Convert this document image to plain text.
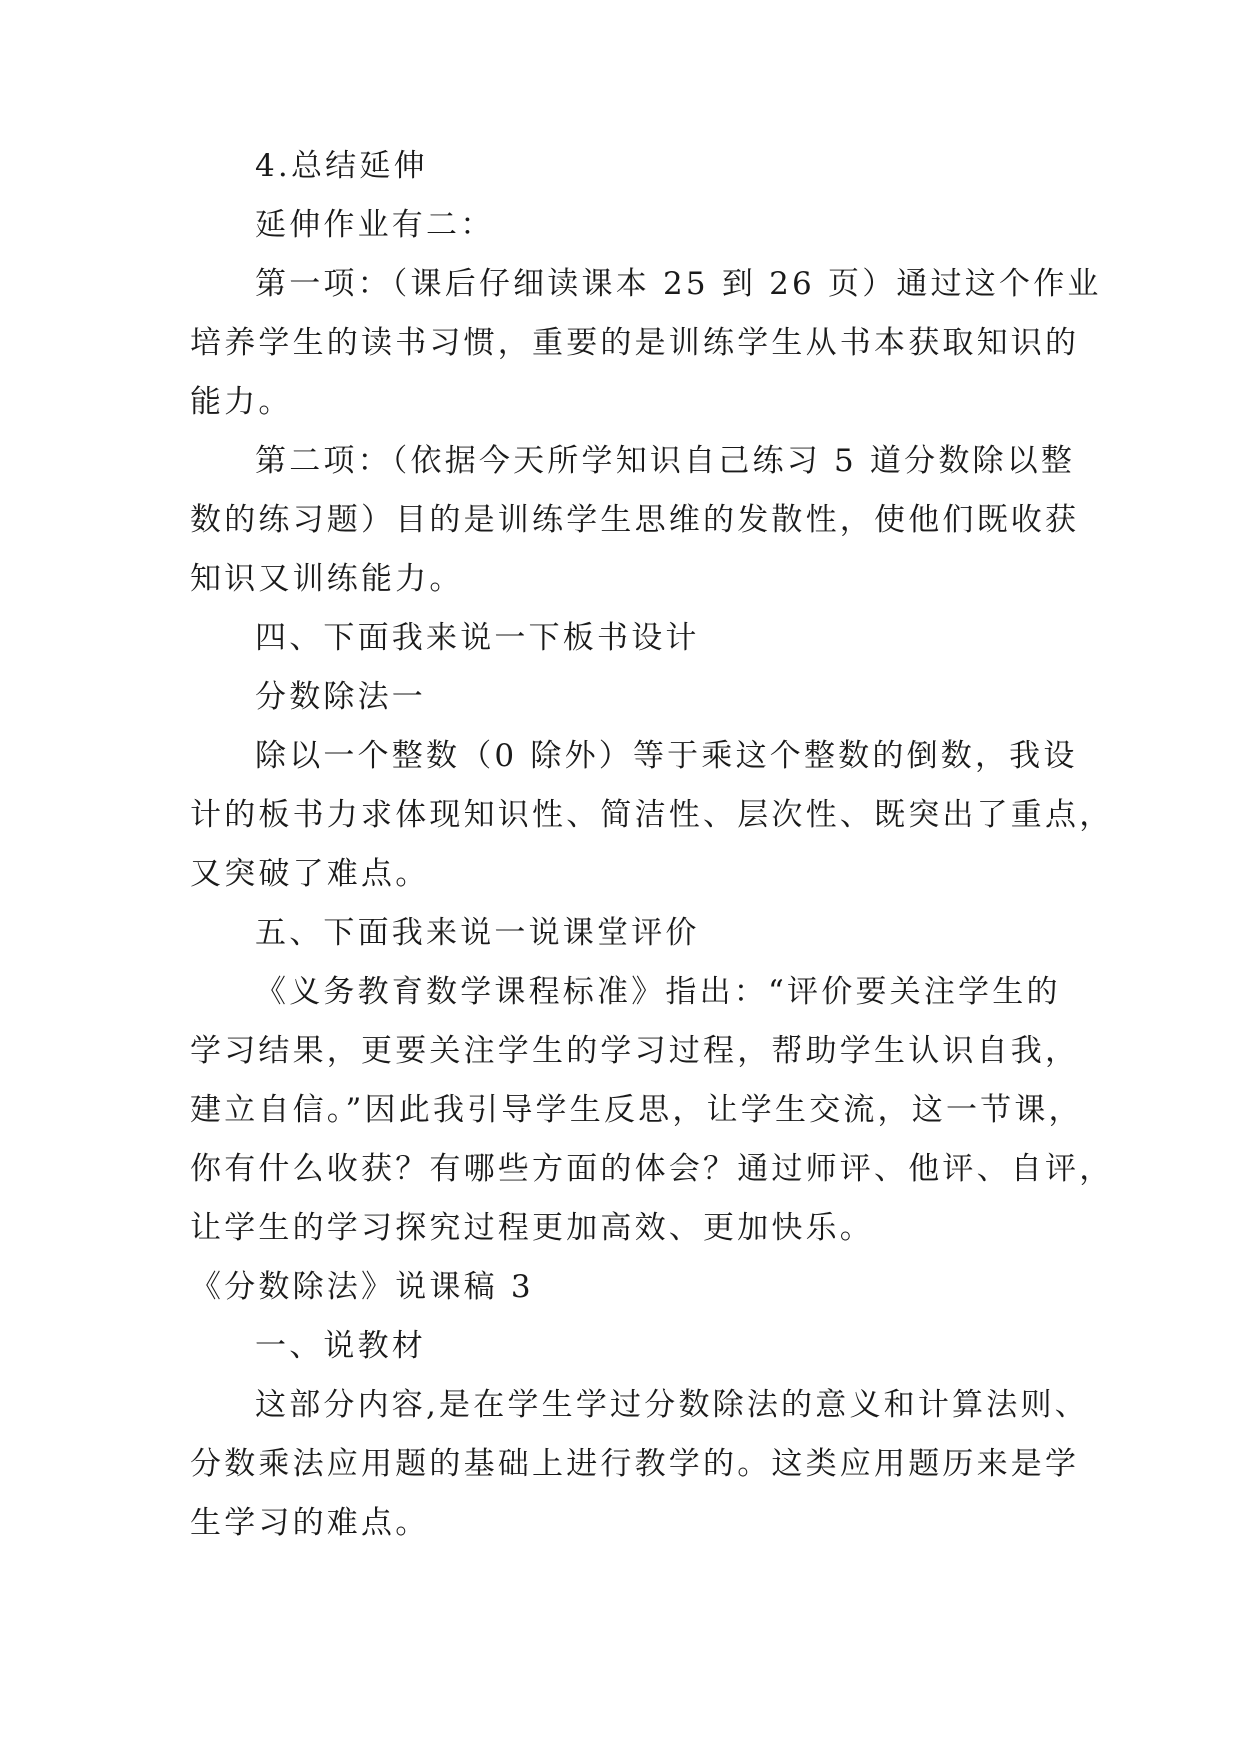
4.总结延伸
延伸作业有二：
第一项：（课后仔细读课本 25 到 26 页）通过这个作业
培养学生的读书习惯，重要的是训练学生从书本获取知识的
能力。
第二项：（依据今天所学知识自己练习 5 道分数除以整
数的练习题）目的是训练学生思维的发散性，使他们既收获
知识又训练能力。
四、下面我来说一下板书设计
分数除法一
除以一个整数（0 除外）等于乘这个整数的倒数，我设
计的板书力求体现知识性、简洁性、层次性、既突出了重点，
又突破了难点。
五、下面我来说一说课堂评价
《义务教育数学课程标准》指出：“评价要关注学生的
学习结果，更要关注学生的学习过程，帮助学生认识自我，
建立自信。”因此我引导学生反思，让学生交流，这一节课，
你有什么收获？有哪些方面的体会？通过师评、他评、自评，
让学生的学习探究过程更加高效、更加快乐。
《分数除法》说课稿 3
一、说教材
这部分内容,是在学生学过分数除法的意义和计算法则、
分数乘法应用题的基础上进行教学的。这类应用题历来是学
生学习的难点。
